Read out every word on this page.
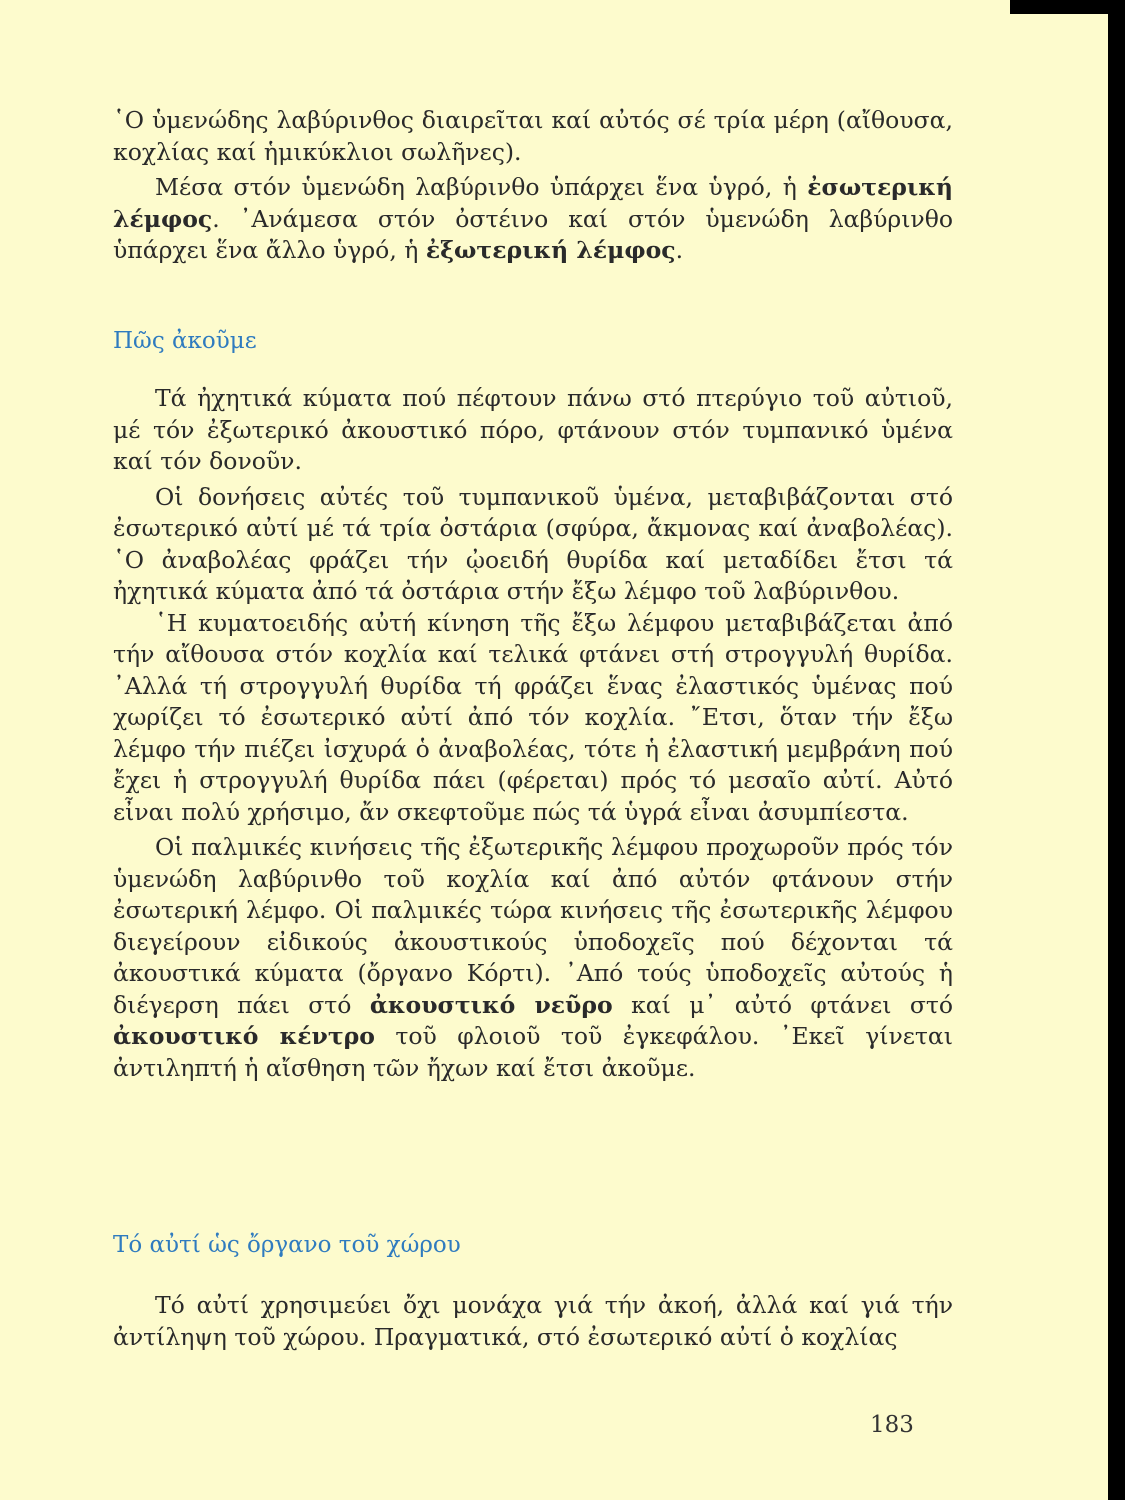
῾Ο ὑμενώδης λαβύρινθος διαιρεῖται καί αὐτός σέ τρία μέρη (αἴθουσα, κοχλίας καί ἡμικύκλιοι σωλῆνες).

Μέσα στόν ὑμενώδη λαβύρινθο ὑπάρχει ἕνα ὑγρό, ἡ ἐσωτερική λέμφος. ᾿Ανάμεσα στόν ὀστέινο καί στόν ὑμενώδη λαβύρινθο ὑπάρχει ἕνα ἄλλο ὑγρό, ἡ ἐξωτερική λέμφος.

Πῶς ἀκοῦμε

Τά ἠχητικά κύματα πού πέφτουν πάνω στό πτερύγιο τοῦ αὐτιοῦ, μέ τόν ἐξωτερικό ἀκουστικό πόρο, φτάνουν στόν τυμπανικό ὑμένα καί τόν δονοῦν.

Οἱ δονήσεις αὐτές τοῦ τυμπανικοῦ ὑμένα, μεταβιβάζονται στό ἐσωτερικό αὐτί μέ τά τρία ὀστάρια (σφύρα, ἄκμονας καί ἀναβολέας). ῾Ο ἀναβολέας φράζει τήν ᾠοειδή θυρίδα καί μεταδίδει ἔτσι τά ἠχητικά κύματα ἀπό τά ὀστάρια στήν ἔξω λέμφο τοῦ λαβύρινθου.

῾Η κυματοειδής αὐτή κίνηση τῆς ἔξω λέμφου μεταβιβάζεται ἀπό τήν αἴθουσα στόν κοχλία καί τελικά φτάνει στή στρογγυλή θυρίδα. ᾿Αλλά τή στρογγυλή θυρίδα τή φράζει ἕνας ἐλαστικός ὑμένας πού χωρίζει τό ἐσωτερικό αὐτί ἀπό τόν κοχλία. ῎Ετσι, ὅταν τήν ἔξω λέμφο τήν πιέζει ἰσχυρά ὁ ἀναβολέας, τότε ἡ ἐλαστική μεμβράνη πού ἔχει ἡ στρογγυλή θυρίδα πάει (φέρεται) πρός τό μεσαῖο αὐτί. Αὐτό εἶναι πολύ χρήσιμο, ἄν σκεφτοῦμε πώς τά ὑγρά εἶναι ἀσυμπίεστα.

Οἱ παλμικές κινήσεις τῆς ἐξωτερικῆς λέμφου προχωροῦν πρός τόν ὑμενώδη λαβύρινθο τοῦ κοχλία καί ἀπό αὐτόν φτάνουν στήν ἐσωτερική λέμφο. Οἱ παλμικές τώρα κινήσεις τῆς ἐσωτερικῆς λέμφου διεγείρουν εἰδικούς ἀκουστικούς ὑποδοχεῖς πού δέχονται τά ἀκουστικά κύματα (ὄργανο Κόρτι). ᾿Από τούς ὑποδοχεῖς αὐτούς ἡ διέγερση πάει στό ἀκουστικό νεῦρο καί μ᾿ αὐτό φτάνει στό ἀκουστικό κέντρο τοῦ φλοιοῦ τοῦ ἐγκεφάλου. ᾿Εκεῖ γίνεται ἀντιληπτή ἡ αἴσθηση τῶν ἤχων καί ἔτσι ἀκοῦμε.

Τό αὐτί ὡς ὄργανο τοῦ χώρου

Τό αὐτί χρησιμεύει ὄχι μονάχα γιά τήν ἀκοή, ἀλλά καί γιά τήν ἀντίληψη τοῦ χώρου. Πραγματικά, στό ἐσωτερικό αὐτί ὁ κοχλίας

183
